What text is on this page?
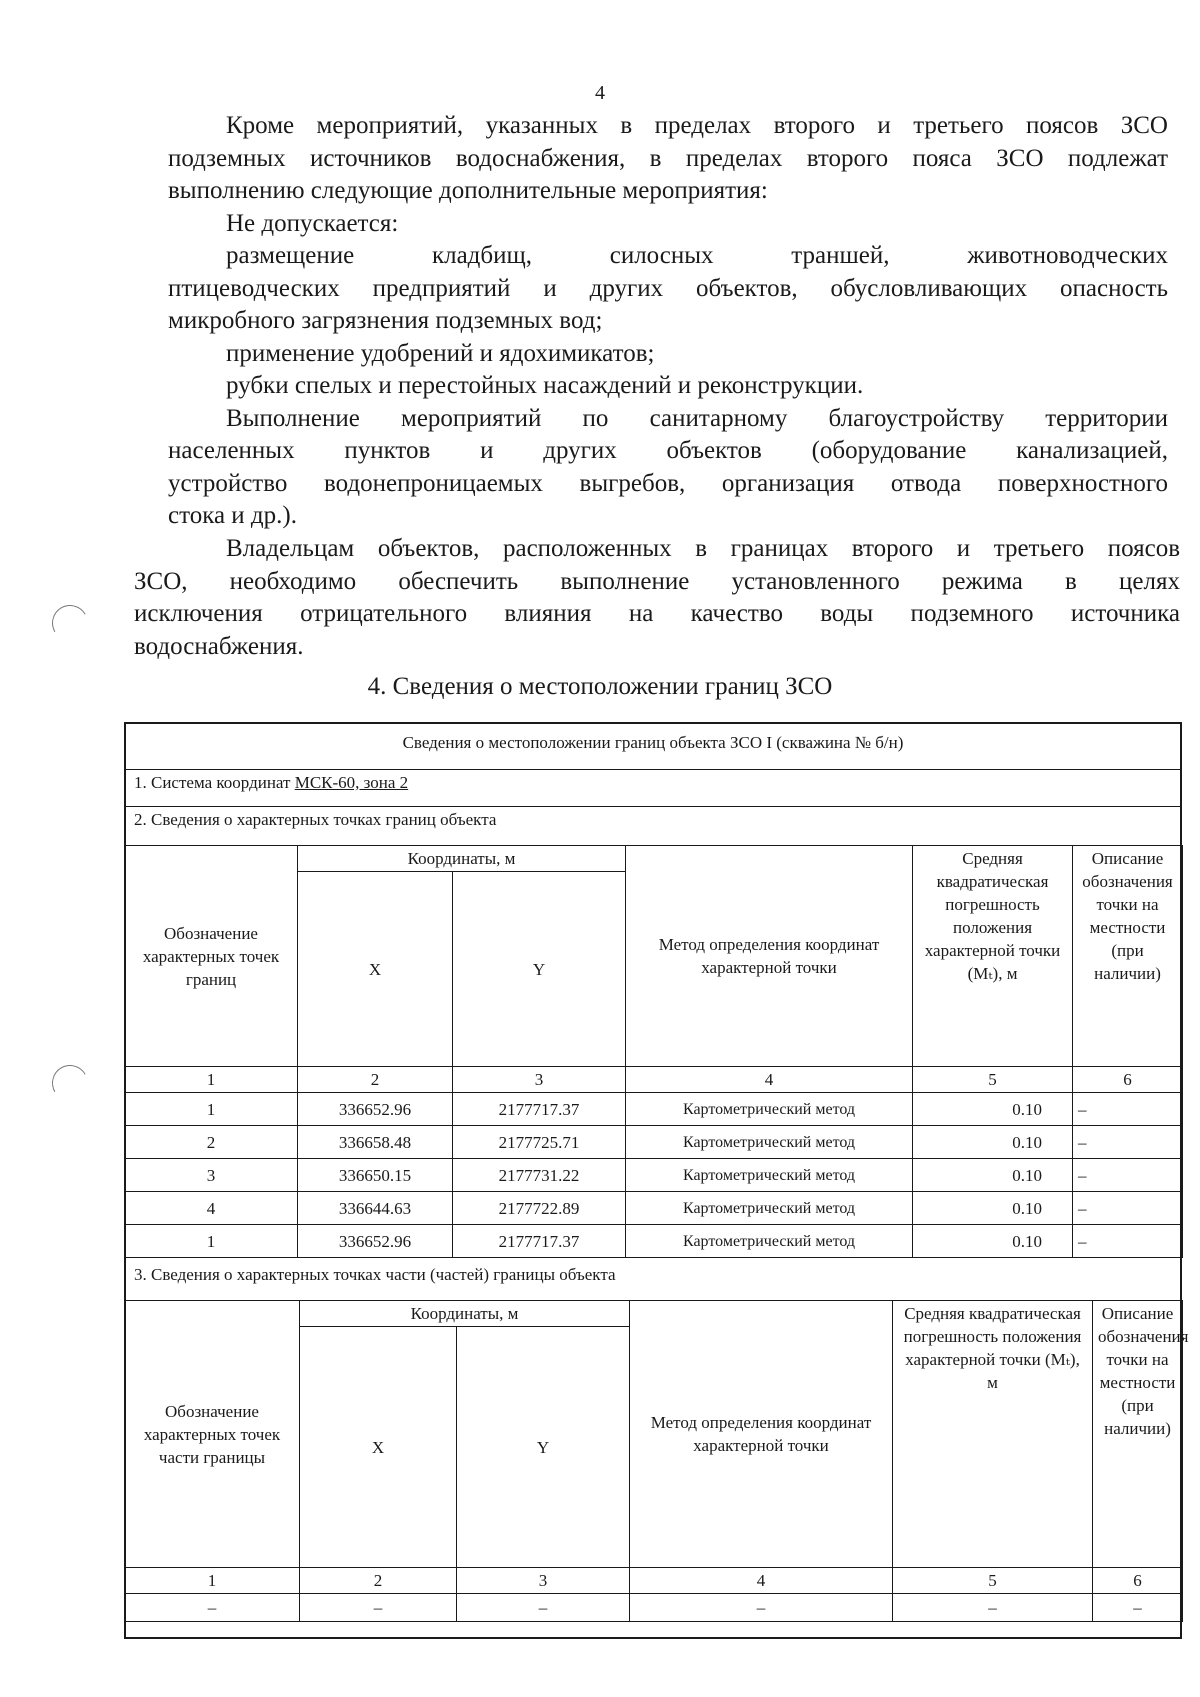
4

Кроме мероприятий, указанных в пределах второго и третьего поясов ЗСО

подземных источников водоснабжения, в пределах второго пояса ЗСО подлежат

выполнению следующие дополнительные мероприятия:

Не допускается:

размещение кладбищ, силосных траншей, животноводческих

птицеводческих предприятий и других объектов, обусловливающих опасность

микробного загрязнения подземных вод;

применение удобрений и ядохимикатов;

рубки спелых и перестойных насаждений и реконструкции.

Выполнение мероприятий по санитарному благоустройству территории

населенных пунктов и других объектов (оборудование канализацией,

устройство водонепроницаемых выгребов, организация отвода поверхностного

стока и др.).

Владельцам объектов, расположенных в границах второго и третьего поясов

ЗСО, необходимо обеспечить выполнение установленного режима в целях

исключения отрицательного влияния на качество воды подземного источника

водоснабжения.

4. Сведения о местоположении границ ЗСО
Сведения о местоположении границ объекта ЗСО I (скважина № б/н)
1. Система координат МСК-60, зона 2
2. Сведения о характерных точках границ объекта
Обозначение характерных точек границ	Координаты, м		Метод определения координат характерной точки	Средняя квадратическая погрешность положения характерной точки (Мₜ), м	Описание обозначения точки на местности (при наличии)
	X	Y			
1	2	3	4	5	6
1	336652.96	2177717.37	Картометрический метод	0.10	–
2	336658.48	2177725.71	Картометрический метод	0.10	–
3	336650.15	2177731.22	Картометрический метод	0.10	–
4	336644.63	2177722.89	Картометрический метод	0.10	–
1	336652.96	2177717.37	Картометрический метод	0.10	–
3. Сведения о характерных точках части (частей) границы объекта
Обозначение характерных точек части границы	Координаты, м		Метод определения координат характерной точки	Средняя квадратическая погрешность положения характерной точки (Мₜ), м	Описание обозначения точки на местности (при наличии)
	X	Y			
1	2	3	4	5	6
–	–	–	–	–	–
